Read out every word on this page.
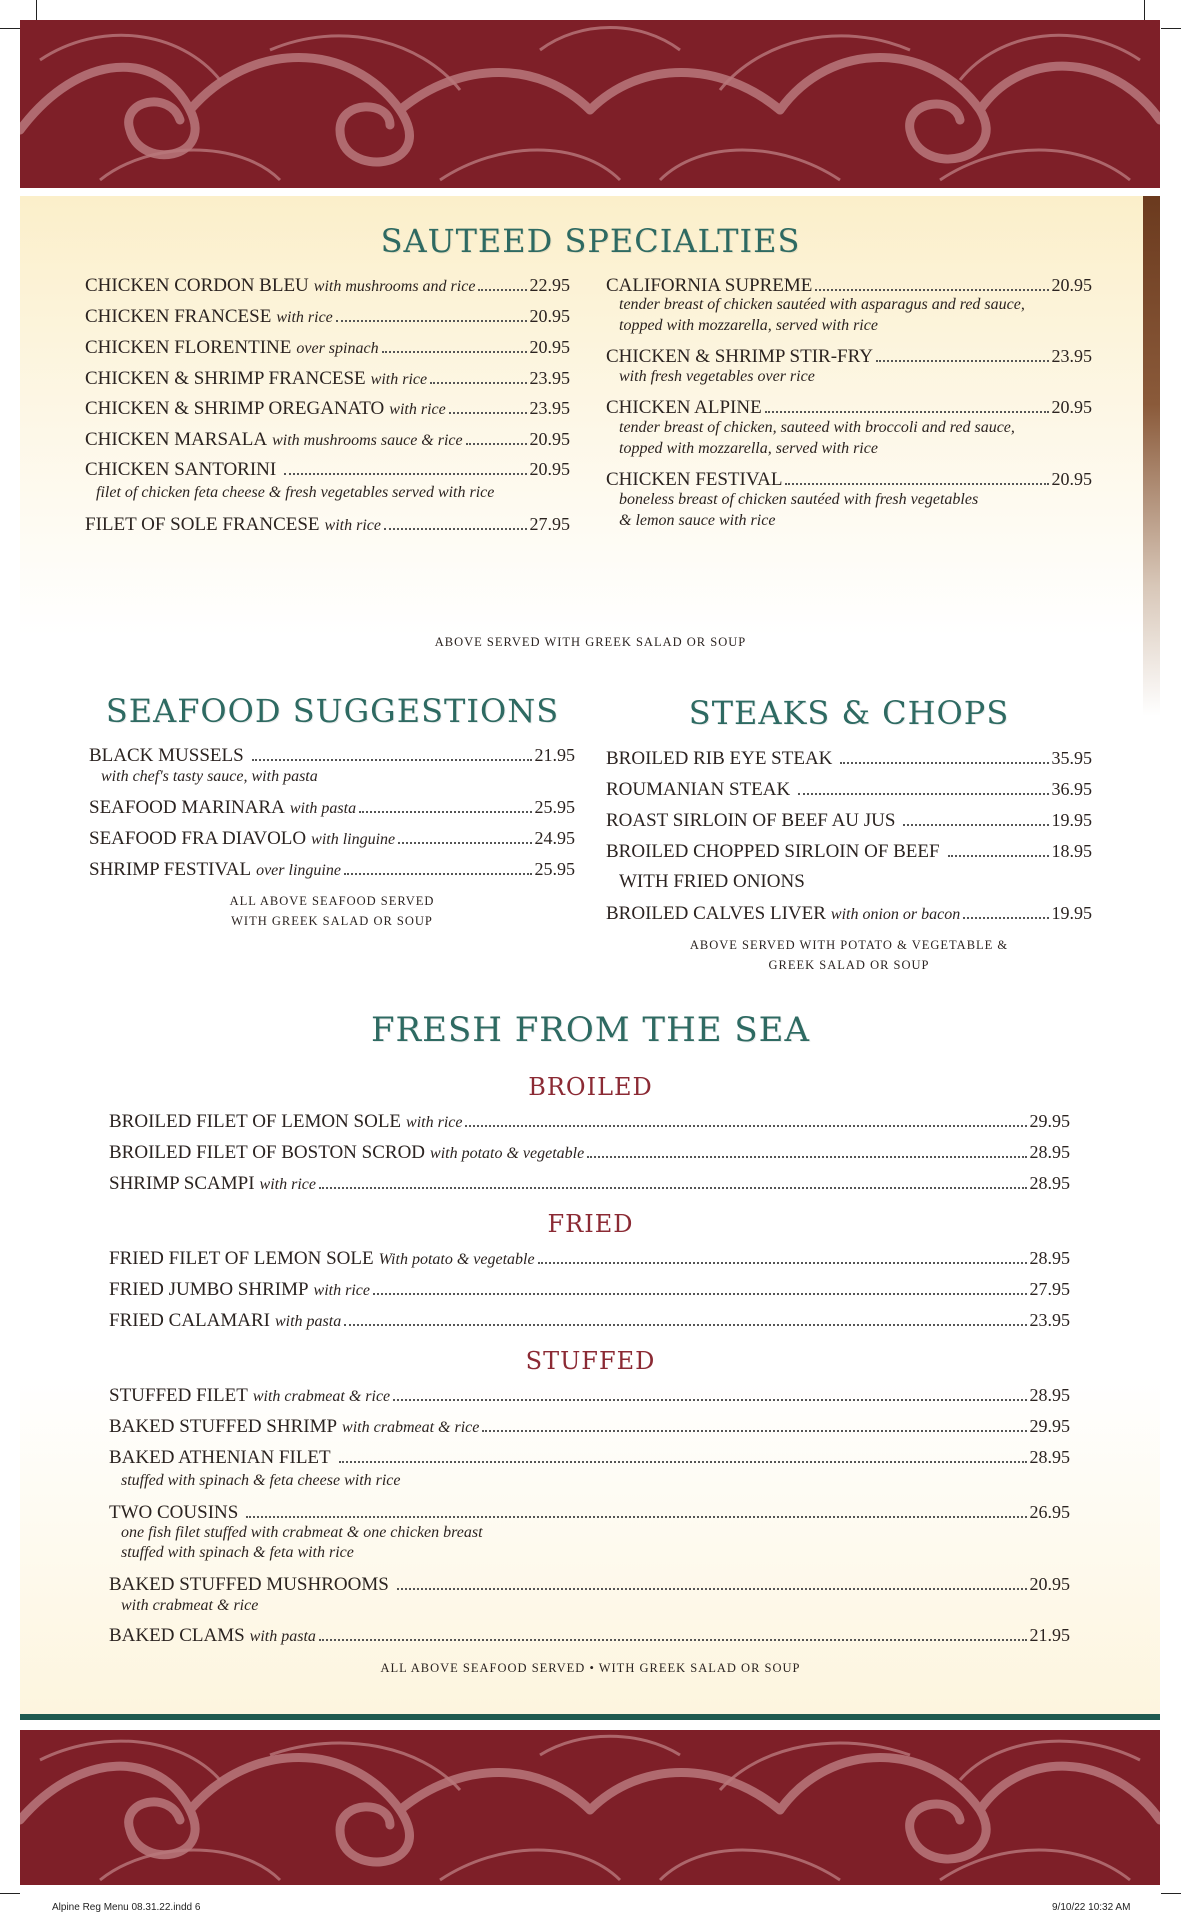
SAUTEED SPECIALTIES
CHICKEN CORDON BLEU with mushrooms and rice	22.95
CHICKEN FRANCESE with rice	20.95
CHICKEN FLORENTINE over spinach	20.95
CHICKEN & SHRIMP FRANCESE with rice	23.95
CHICKEN & SHRIMP OREGANATO with rice	23.95
CHICKEN MARSALA with mushrooms sauce & rice	20.95
CHICKEN SANTORINI	20.95
filet of chicken feta cheese & fresh vegetables served with rice
FILET OF SOLE FRANCESE with rice	27.95
CALIFORNIA SUPREME	20.95
tender breast of chicken sautéed with asparagus and red sauce,
topped with mozzarella, served with rice
CHICKEN & SHRIMP STIR-FRY	23.95
with fresh vegetables over rice
CHICKEN ALPINE	20.95
tender breast of chicken, sauteed with broccoli and red sauce,
topped with mozzarella, served with rice
CHICKEN FESTIVAL	20.95
boneless breast of chicken sautéed with fresh vegetables
& lemon sauce with rice
ABOVE SERVED WITH GREEK SALAD OR SOUP
SEAFOOD SUGGESTIONS
BLACK MUSSELS	21.95
with chef's tasty sauce, with pasta
SEAFOOD MARINARA with pasta	25.95
SEAFOOD FRA DIAVOLO with linguine	24.95
SHRIMP FESTIVAL over linguine	25.95
ALL ABOVE SEAFOOD SERVED
WITH GREEK SALAD OR SOUP
STEAKS & CHOPS
BROILED RIB EYE STEAK	35.95
ROUMANIAN STEAK	36.95
ROAST SIRLOIN OF BEEF AU JUS	19.95
BROILED CHOPPED SIRLOIN OF BEEF	18.95
WITH FRIED ONIONS
BROILED CALVES LIVER with onion or bacon	19.95
ABOVE SERVED WITH POTATO & VEGETABLE &
GREEK SALAD OR SOUP
FRESH FROM THE SEA
BROILED
BROILED FILET OF LEMON SOLE with rice	29.95
BROILED FILET OF BOSTON SCROD with potato & vegetable	28.95
SHRIMP SCAMPI with rice	28.95
FRIED
FRIED FILET OF LEMON SOLE With potato & vegetable	28.95
FRIED JUMBO SHRIMP with rice	27.95
FRIED CALAMARI with pasta	23.95
STUFFED
STUFFED FILET with crabmeat & rice	28.95
BAKED STUFFED SHRIMP with crabmeat & rice	29.95
BAKED ATHENIAN FILET	28.95
stuffed with spinach & feta cheese with rice
TWO COUSINS	26.95
one fish filet stuffed with crabmeat & one chicken breast
stuffed with spinach & feta with rice
BAKED STUFFED MUSHROOMS	20.95
with crabmeat & rice
BAKED CLAMS with pasta	21.95
ALL ABOVE SEAFOOD SERVED • WITH GREEK SALAD OR SOUP
Alpine Reg Menu 08.31.22.indd 6	9/10/22 10:32 AM
